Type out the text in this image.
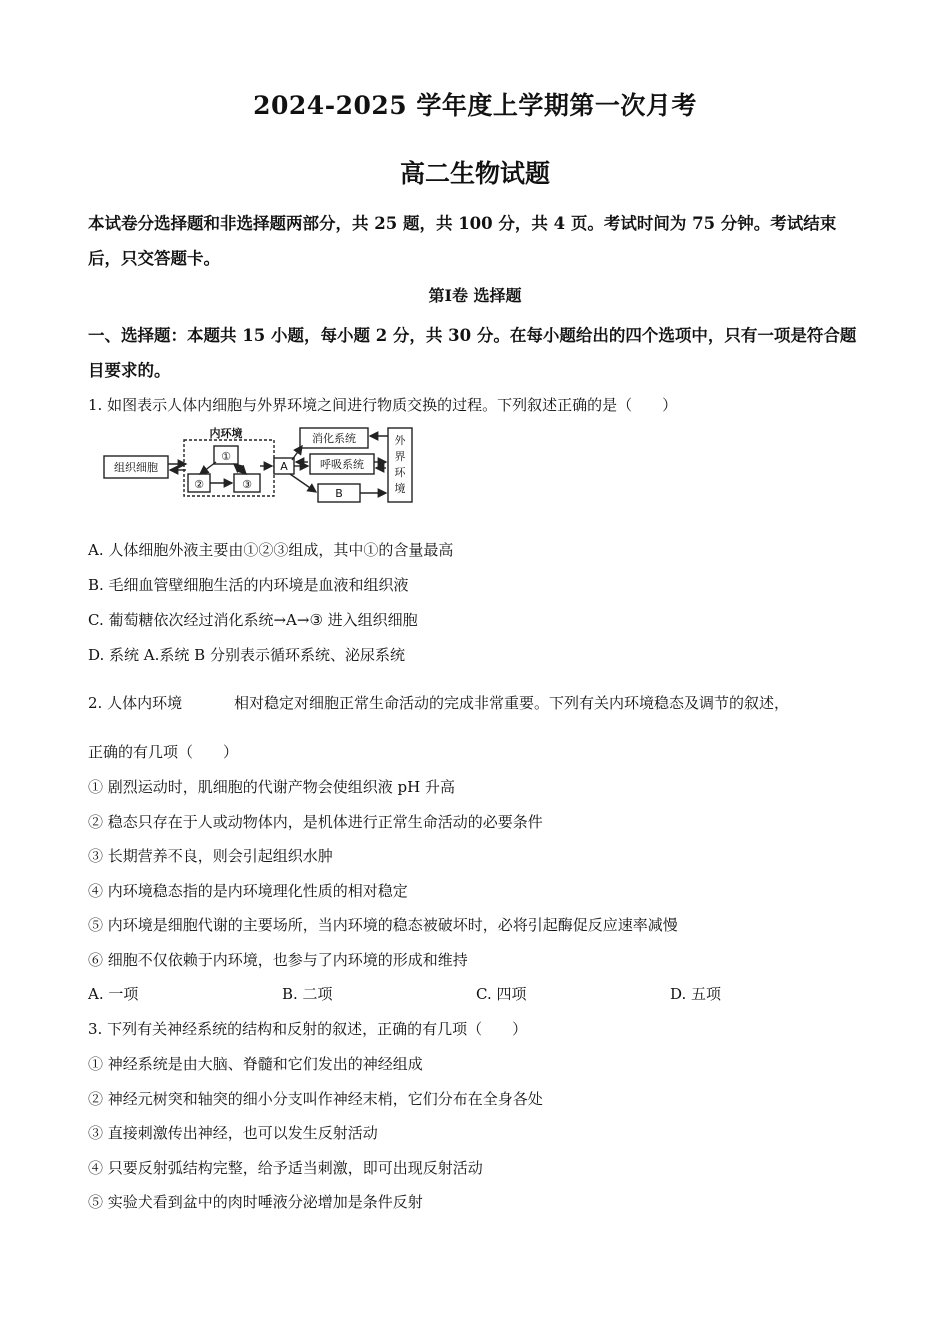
2024-2025 学年度上学期第一次月考
高二生物试题
本试卷分选择题和非选择题两部分，共 25 题，共 100 分，共 4 页。考试时间为 75 分钟。考试结束后，只交答题卡。
第Ⅰ卷 选择题
一、选择题：本题共 15 小题，每小题 2 分，共 30 分。在每小题给出的四个选项中，只有一项是符合题目要求的。
1. 如图表示人体内细胞与外界环境之间进行物质交换的过程。下列叙述正确的是（　　）
组织细胞
内环境
①
②	③
A
B
消化系统
呼吸系统
外
界
环
境
A. 人体细胞外液主要由①②③组成，其中①的含量最高
B. 毛细血管壁细胞生活的内环境是血液和组织液
C. 葡萄糖依次经过消化系统→A→③ 进入组织细胞
D. 系统 A.系统 B 分别表示循环系统、泌尿系统
2. 人体内环境	相对稳定对细胞正常生命活动的完成非常重要。下列有关内环境稳态及调节的叙述，
正确的有几项（　　）
① 剧烈运动时，肌细胞的代谢产物会使组织液 pH 升高
② 稳态只存在于人或动物体内，是机体进行正常生命活动的必要条件
③ 长期营养不良，则会引起组织水肿
④ 内环境稳态指的是内环境理化性质的相对稳定
⑤ 内环境是细胞代谢的主要场所，当内环境的稳态被破坏时，必将引起酶促反应速率减慢
⑥ 细胞不仅依赖于内环境，也参与了内环境的形成和维持
A. 一项	B. 二项	C. 四项	D. 五项
3. 下列有关神经系统的结构和反射的叙述，正确的有几项（　　）
① 神经系统是由大脑、脊髓和它们发出的神经组成
② 神经元树突和轴突的细小分支叫作神经末梢，它们分布在全身各处
③ 直接刺激传出神经，也可以发生反射活动
④ 只要反射弧结构完整，给予适当刺激，即可出现反射活动
⑤ 实验犬看到盆中的肉时唾液分泌增加是条件反射
